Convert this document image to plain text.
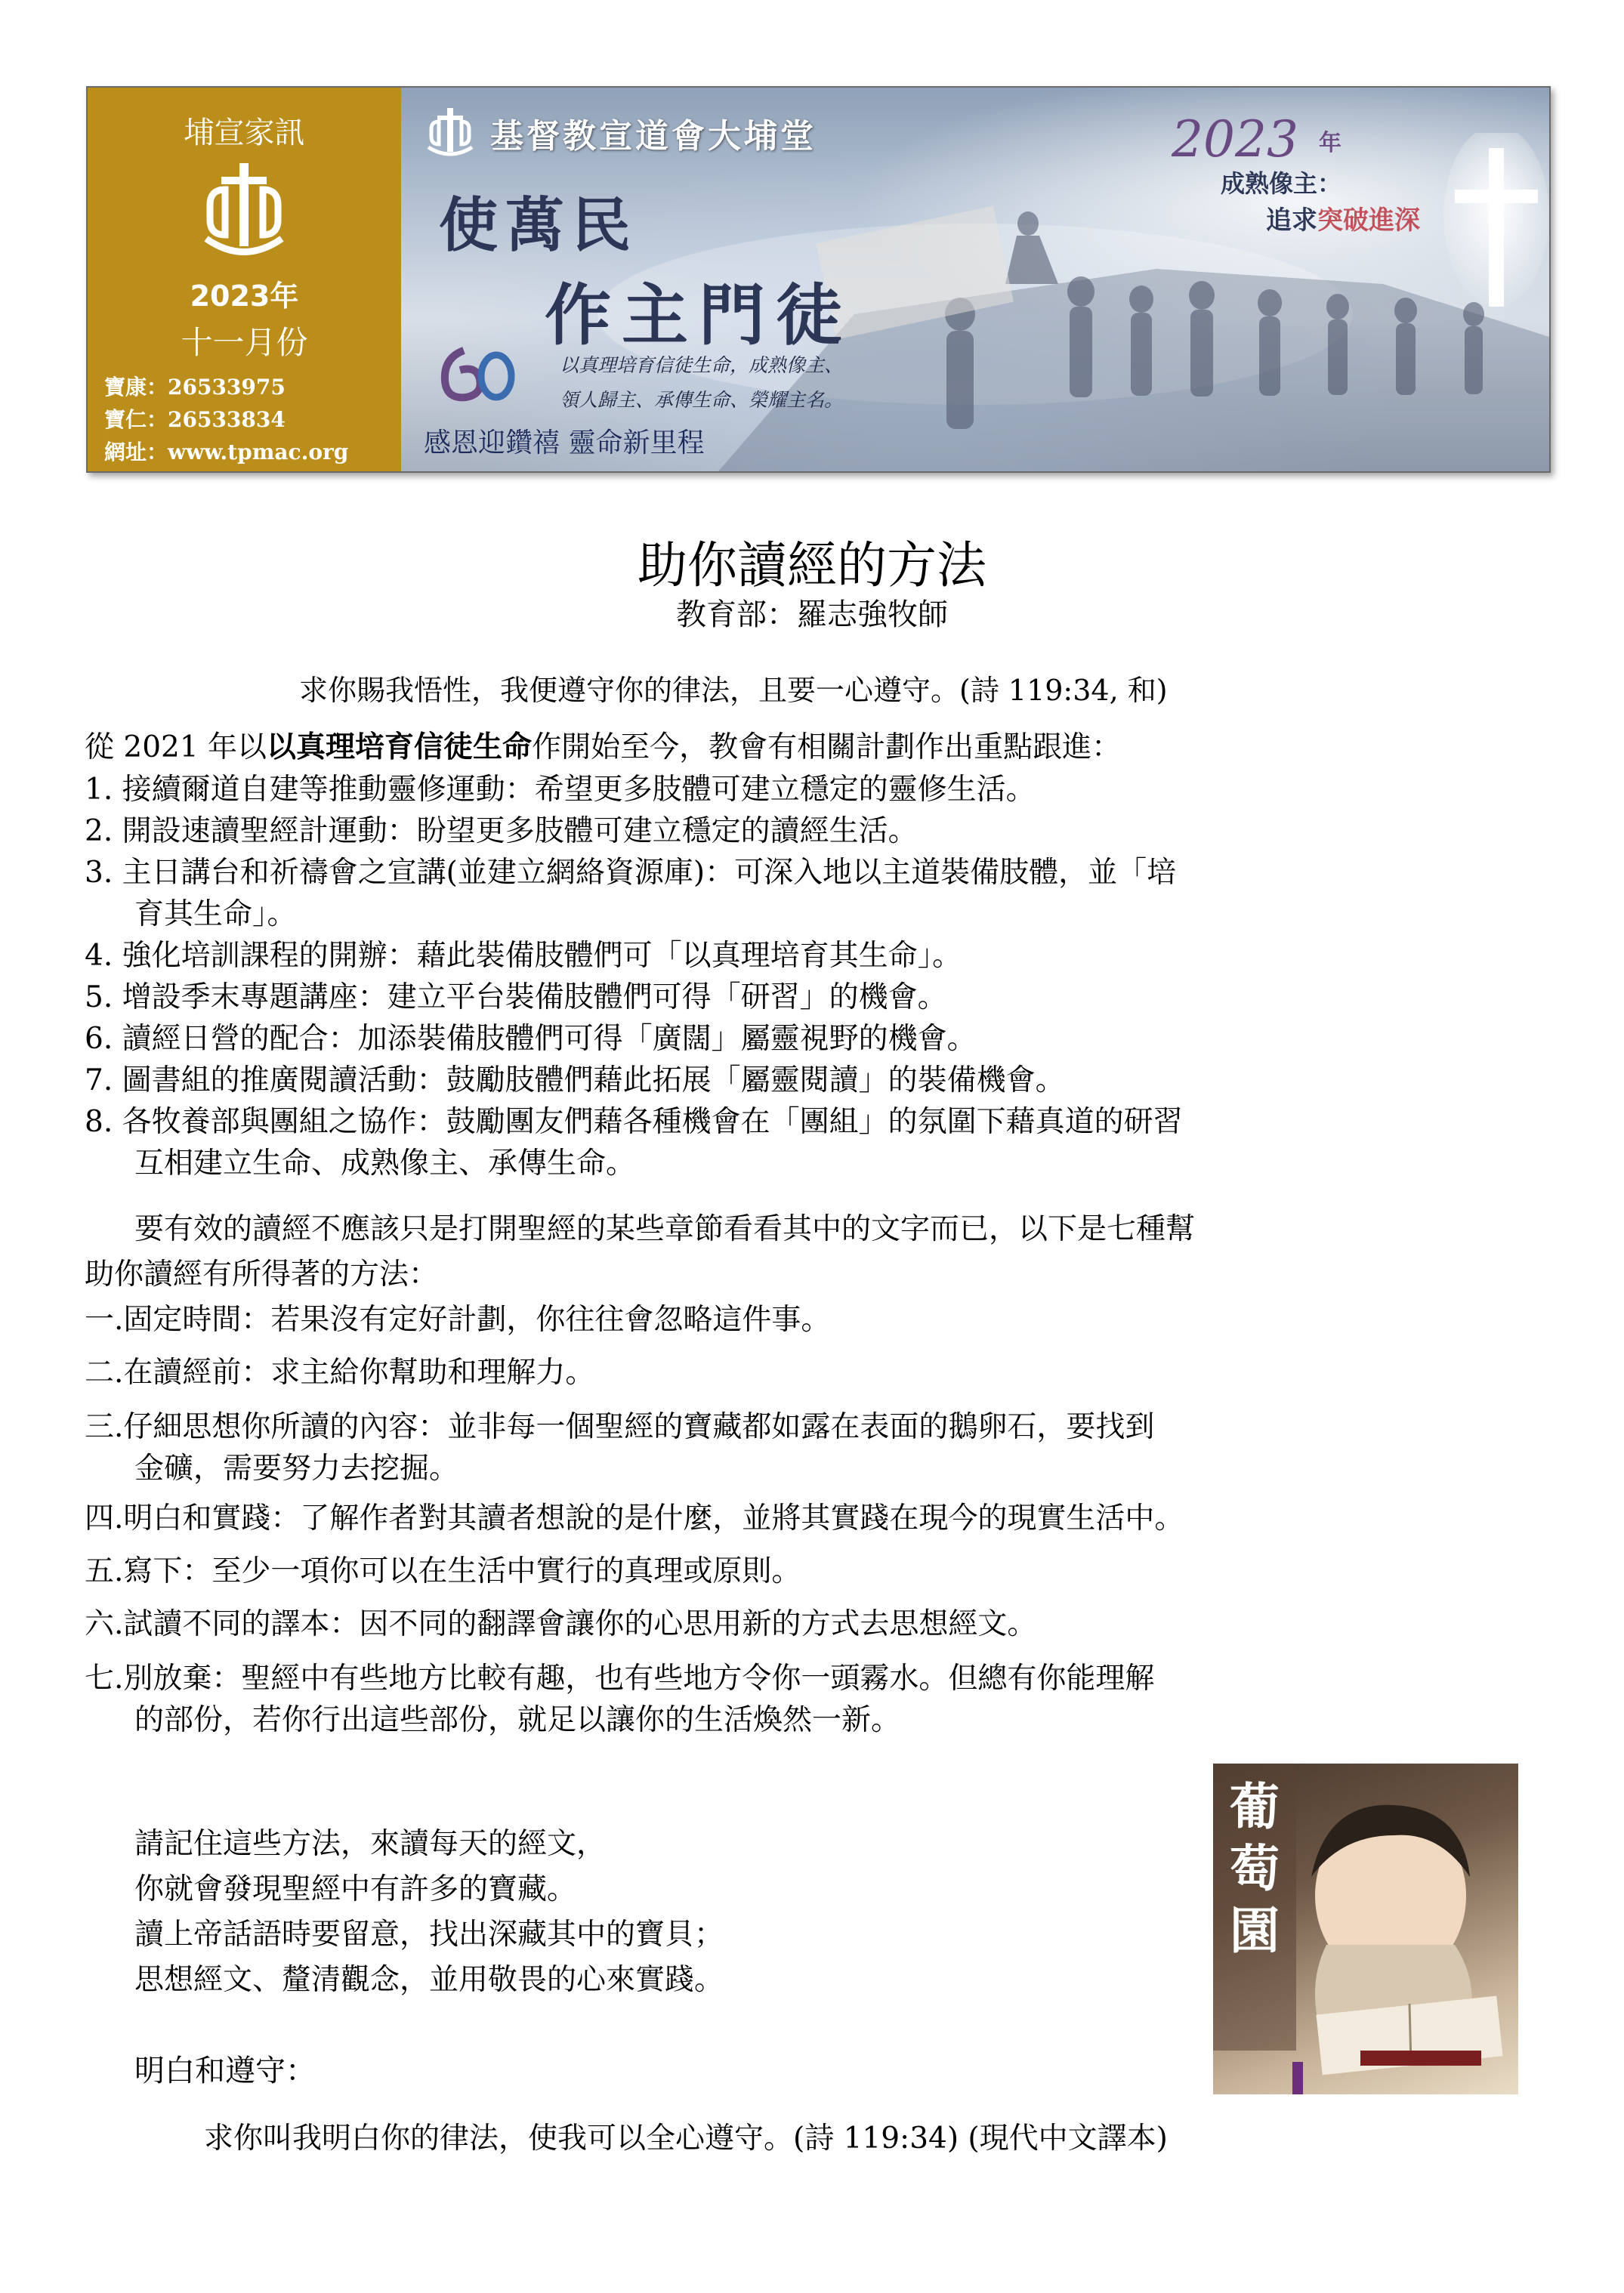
埔宣家訊
2023年
十一月份
寶康：26533975
寶仁：26533834
網址：www.tpmac.org
基督教宣道會大埔堂
使萬民
作主門徒
2023 年
成熟像主：
追求突破進深
以真理培育信徒生命，成熟像主、
領人歸主、承傳生命、榮耀主名。
感恩迎鑽禧 靈命新里程
助你讀經的方法
教育部：羅志強牧師
求你賜我悟性，我便遵守你的律法，且要一心遵守。(詩 119:34, 和)
從 2021 年以以真理培育信徒生命作開始至今，教會有相關計劃作出重點跟進：
1. 接續爾道自建等推動靈修運動：希望更多肢體可建立穩定的靈修生活。
2. 開設速讀聖經計運動：盼望更多肢體可建立穩定的讀經生活。
3. 主日講台和祈禱會之宣講(並建立網絡資源庫)：可深入地以主道裝備肢體，並「培
育其生命」。
4. 強化培訓課程的開辦：藉此裝備肢體們可「以真理培育其生命」。
5. 增設季末專題講座：建立平台裝備肢體們可得「研習」的機會。
6. 讀經日營的配合：加添裝備肢體們可得「廣闊」屬靈視野的機會。
7. 圖書組的推廣閱讀活動：鼓勵肢體們藉此拓展「屬靈閱讀」的裝備機會。
8. 各牧養部與團組之協作：鼓勵團友們藉各種機會在「團組」的氛圍下藉真道的研習
互相建立生命、成熟像主、承傳生命。
要有效的讀經不應該只是打開聖經的某些章節看看其中的文字而已，以下是七種幫
助你讀經有所得著的方法：
一.固定時間：若果沒有定好計劃，你往往會忽略這件事。
二.在讀經前：求主給你幫助和理解力。
三.仔細思想你所讀的內容：並非每一個聖經的寶藏都如露在表面的鵝卵石，要找到
金礦，需要努力去挖掘。
四.明白和實踐：了解作者對其讀者想說的是什麼，並將其實踐在現今的現實生活中。
五.寫下：至少一項你可以在生活中實行的真理或原則。
六.試讀不同的譯本：因不同的翻譯會讓你的心思用新的方式去思想經文。
七.別放棄：聖經中有些地方比較有趣，也有些地方令你一頭霧水。但總有你能理解
的部份，若你行出這些部份，就足以讓你的生活煥然一新。
請記住這些方法，來讀每天的經文，
你就會發現聖經中有許多的寶藏。
讀上帝話語時要留意，找出深藏其中的寶貝；
思想經文、釐清觀念，並用敬畏的心來實踐。
葡萄園
明白和遵守：
求你叫我明白你的律法，使我可以全心遵守。(詩 119:34) (現代中文譯本)
